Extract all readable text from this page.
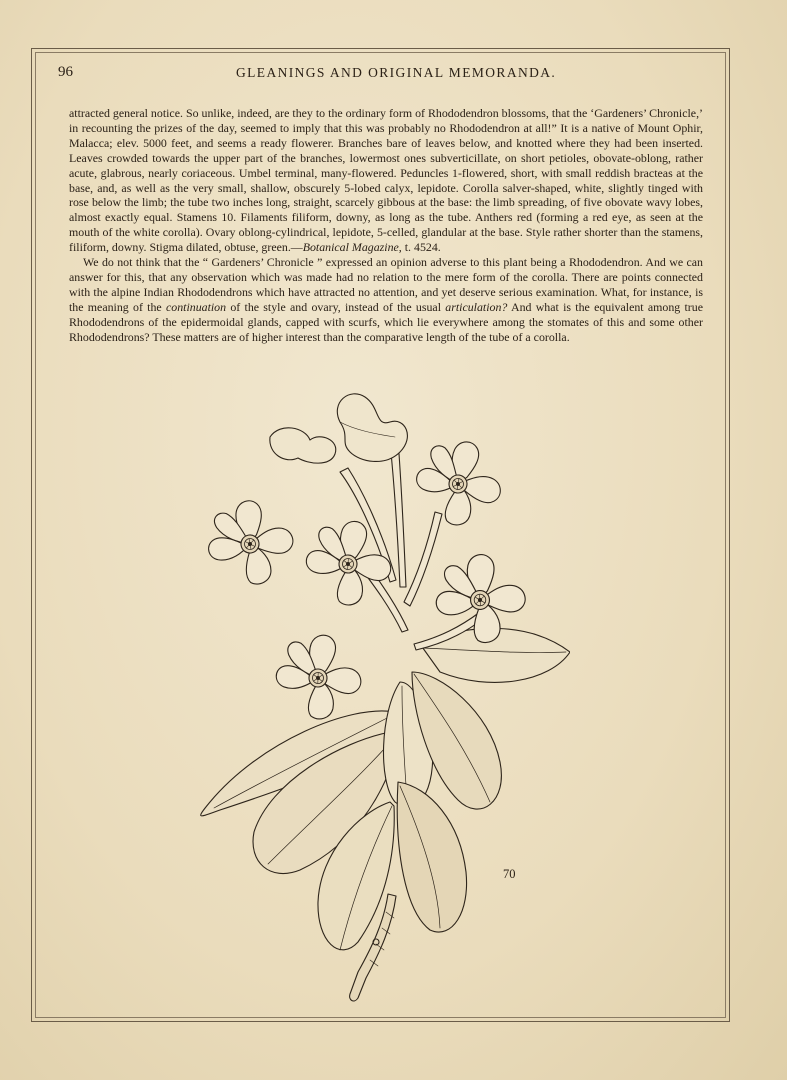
96	GLEANINGS AND ORIGINAL MEMORANDA.

attracted general notice. So unlike, indeed, are they to the ordinary form of Rhododendron blossoms, that the ‘Gardeners’ Chronicle,’ in recounting the prizes of the day, seemed to imply that this was probably no Rhododendron at all!” It is a native of Mount Ophir, Malacca; elev. 5000 feet, and seems a ready flowerer. Branches bare of leaves below, and knotted where they had been inserted. Leaves crowded towards the upper part of the branches, lowermost ones subverticillate, on short petioles, obovate-oblong, rather acute, glabrous, nearly coriaceous. Umbel terminal, many-flowered. Peduncles 1-flowered, short, with small reddish bracteas at the base, and, as well as the very small, shallow, obscurely 5-lobed calyx, lepidote. Corolla salver-shaped, white, slightly tinged with rose below the limb; the tube two inches long, straight, scarcely gibbous at the base: the limb spreading, of five obovate wavy lobes, almost exactly equal. Stamens 10. Filaments filiform, downy, as long as the tube. Anthers red (forming a red eye, as seen at the mouth of the white corolla). Ovary oblong-cylindrical, lepidote, 5-celled, glandular at the base. Style rather shorter than the stamens, filiform, downy. Stigma dilated, obtuse, green.—Botanical Magazine, t. 4524.

We do not think that the “ Gardeners’ Chronicle ” expressed an opinion adverse to this plant being a Rhododendron. And we can answer for this, that any observation which was made had no relation to the mere form of the corolla. There are points connected with the alpine Indian Rhododendrons which have attracted no attention, and yet deserve serious examination. What, for instance, is the meaning of the continuation of the style and ovary, instead of the usual articulation? And what is the equivalent among true Rhododendrons of the epidermoidal glands, capped with scurfs, which lie everywhere among the stomates of this and some other Rhododendrons? These matters are of higher interest than the comparative length of the tube of a corolla.

70
